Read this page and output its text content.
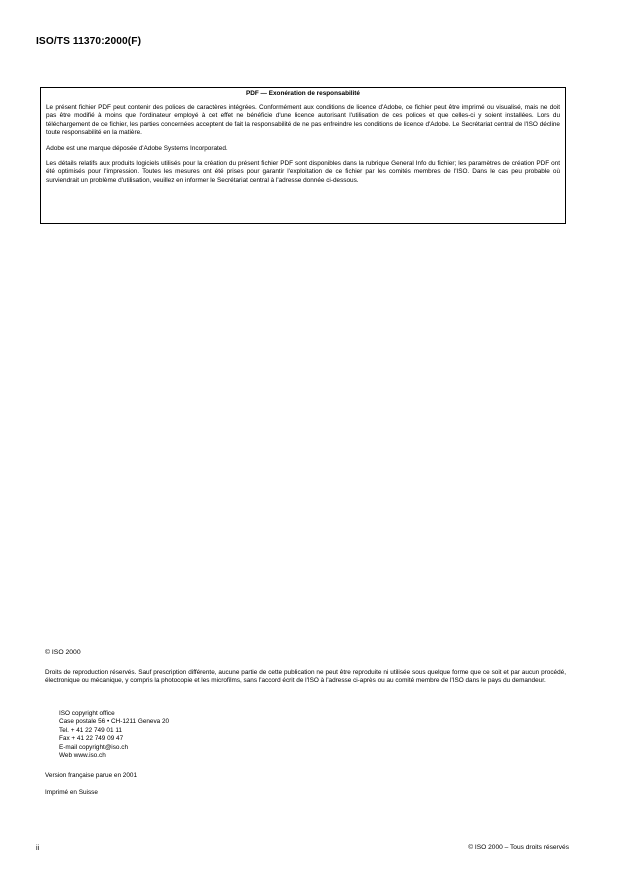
ISO/TS 11370:2000(F)
PDF — Exonération de responsabilité

Le présent fichier PDF peut contenir des polices de caractères intégrées. Conformément aux conditions de licence d'Adobe, ce fichier peut être imprimé ou visualisé, mais ne doit pas être modifié à moins que l'ordinateur employé à cet effet ne bénéficie d'une licence autorisant l'utilisation de ces polices et que celles-ci y soient installées. Lors du téléchargement de ce fichier, les parties concernées acceptent de fait la responsabilité de ne pas enfreindre les conditions de licence d'Adobe. Le Secrétariat central de l'ISO décline toute responsabilité en la matière.

Adobe est une marque déposée d'Adobe Systems Incorporated.

Les détails relatifs aux produits logiciels utilisés pour la création du présent fichier PDF sont disponibles dans la rubrique General Info du fichier; les paramètres de création PDF ont été optimisés pour l'impression. Toutes les mesures ont été prises pour garantir l'exploitation de ce fichier par les comités membres de l'ISO. Dans le cas peu probable où surviendrait un problème d'utilisation, veuillez en informer le Secrétariat central à l'adresse donnée ci-dessous.

© ISO 2000

Droits de reproduction réservés. Sauf prescription différente, aucune partie de cette publication ne peut être reproduite ni utilisée sous quelque forme que ce soit et par aucun procédé, électronique ou mécanique, y compris la photocopie et les microfilms, sans l'accord écrit de l'ISO à l'adresse ci-après ou au comité membre de l'ISO dans le pays du demandeur.

ISO copyright office
Case postale 56 • CH-1211 Geneva 20
Tel. + 41 22 749 01 11
Fax + 41 22 749 09 47
E-mail copyright@iso.ch
Web www.iso.ch
Version française parue en 2001
Imprimé en Suisse
ii	© ISO 2000 – Tous droits réservés
